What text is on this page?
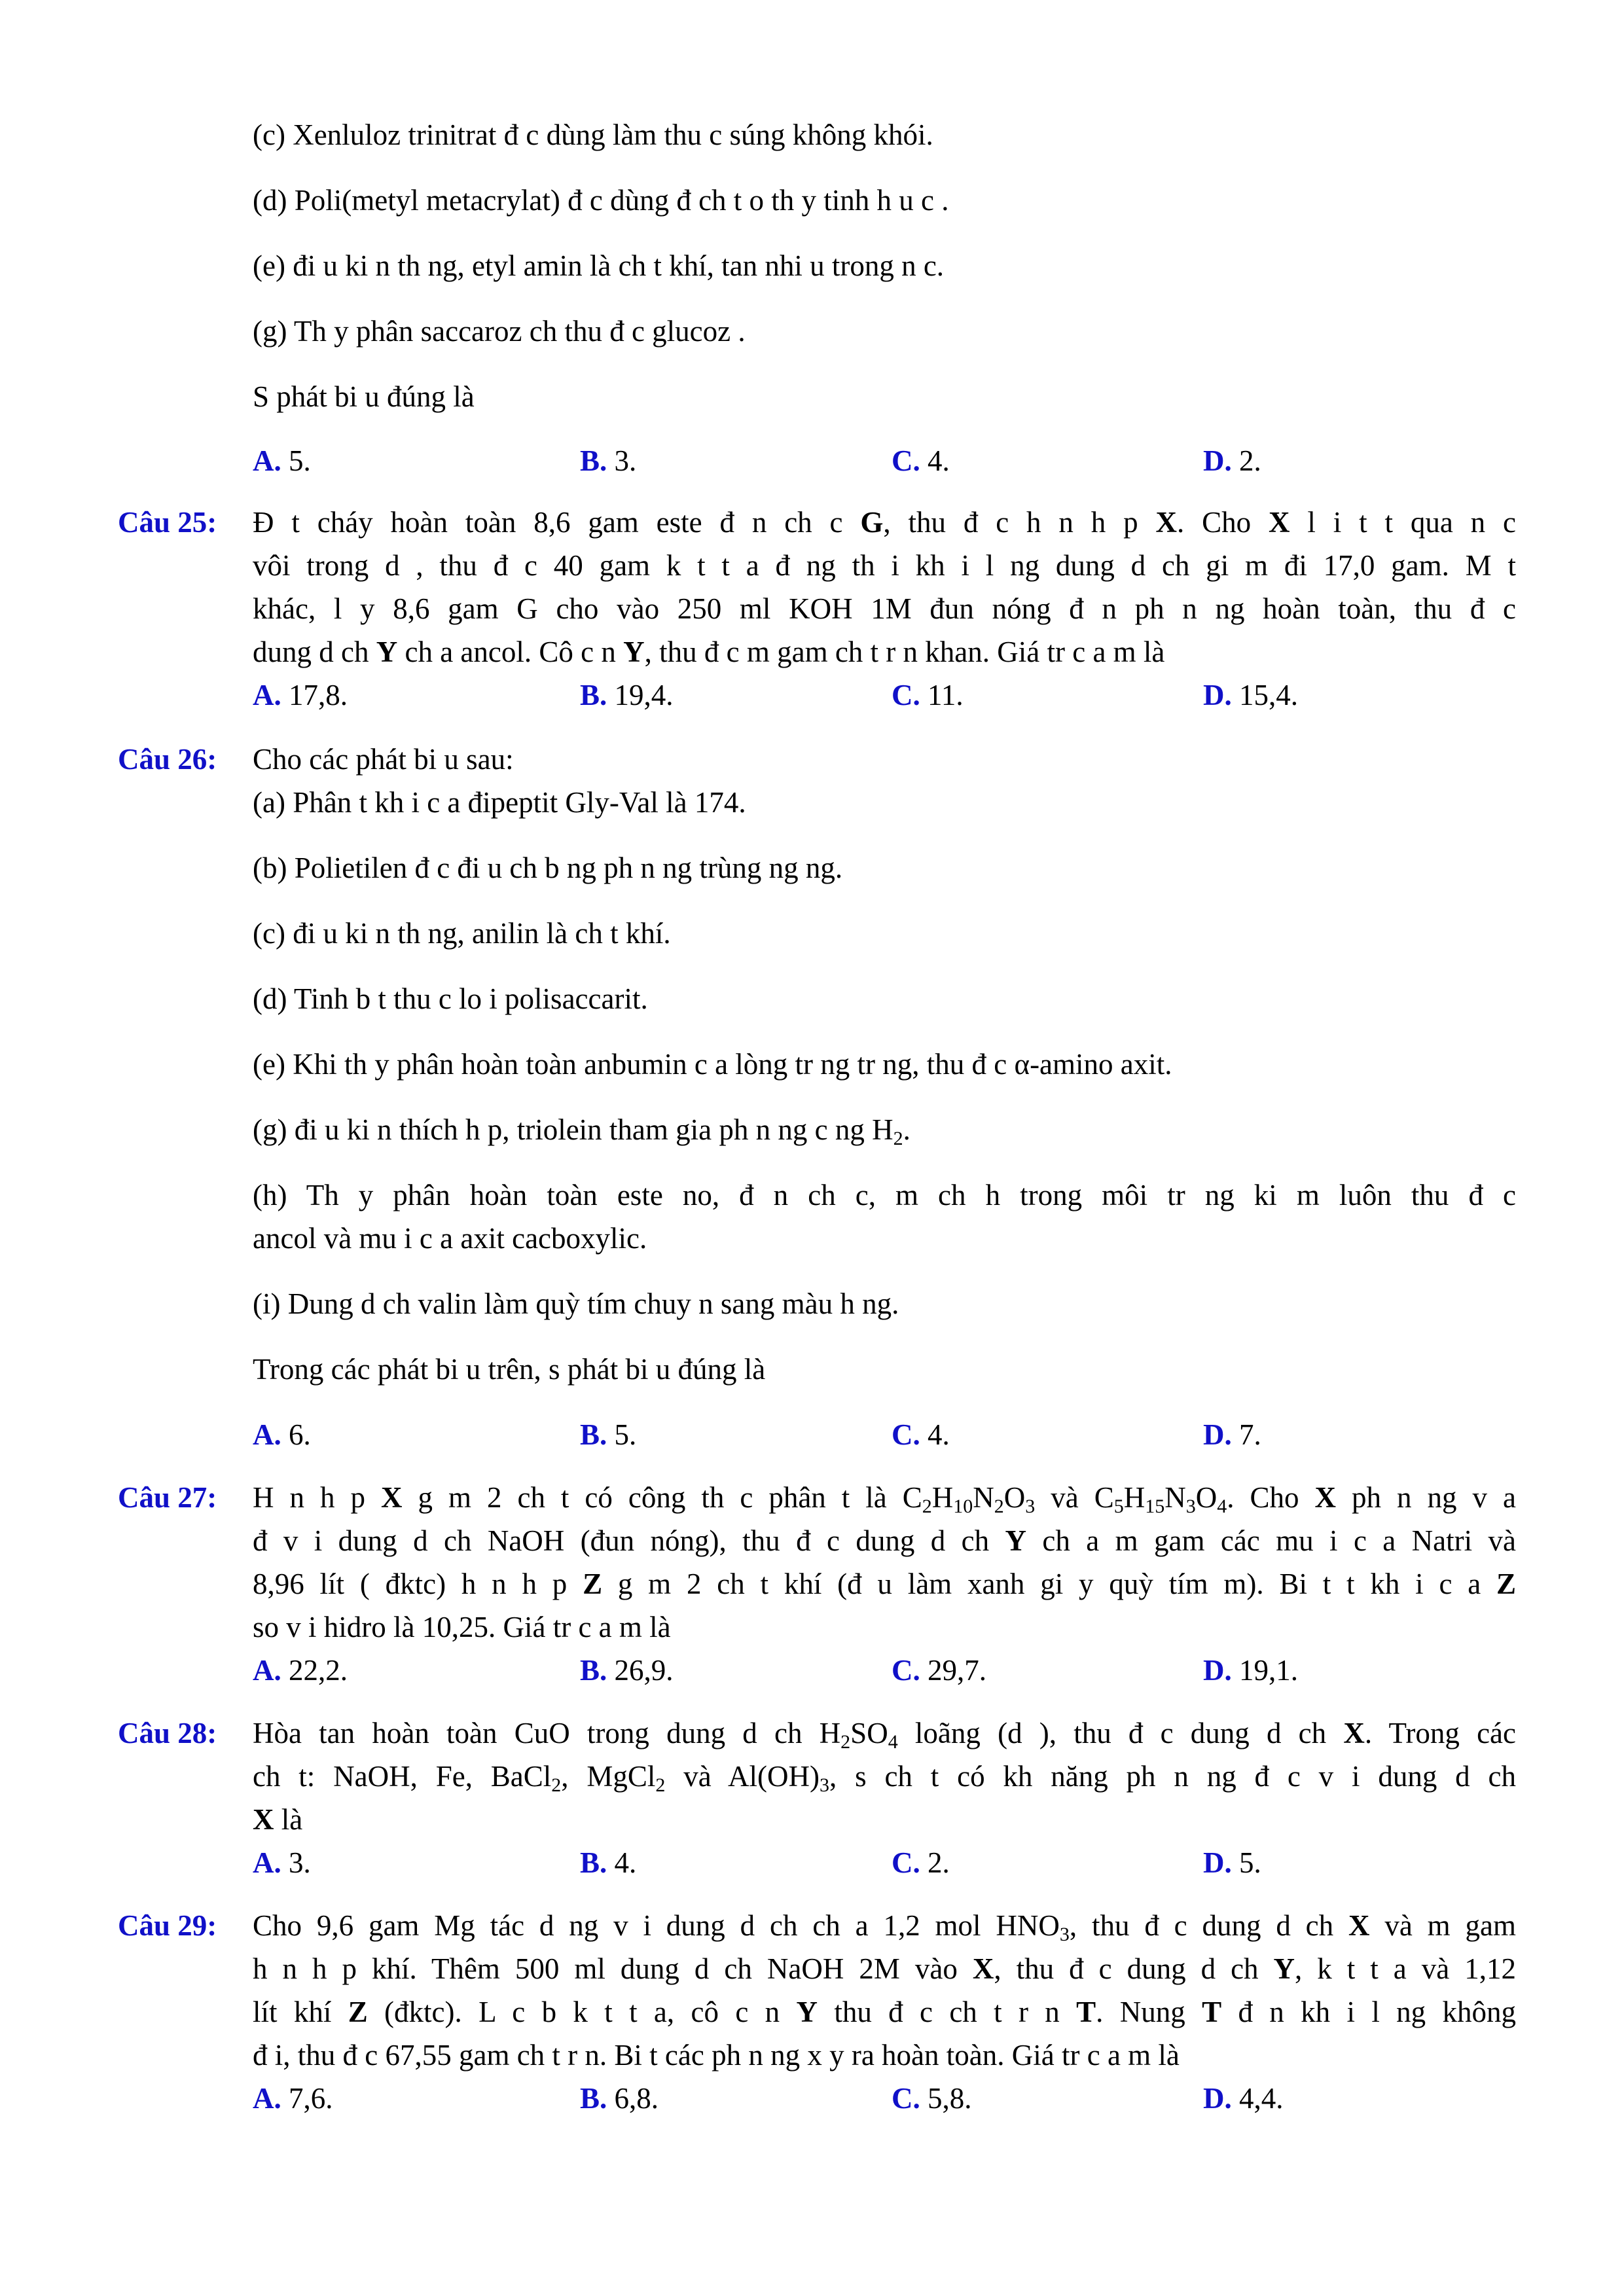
(c) Xenluloz trinitrat đ c dùng làm thu c súng không khói.
(d) Poli(metyl metacrylat) đ c dùng đ ch t o th y tinh h u c .
(e) đi u ki n th ng, etyl amin là ch t khí, tan nhi u trong n c.
(g) Th y phân saccaroz ch thu đ c glucoz .
S phát bi u đúng là
A. 5.	B. 3.	C. 4.	D. 2.
Câu 25: Đ t cháy hoàn toàn 8,6 gam este đ n ch c G, thu đ c h n h p X. Cho X l i t t qua n c
vôi trong d , thu đ c 40 gam k t t a đ ng th i kh i l ng dung d ch gi m đi 17,0 gam. M t
khác, l y 8,6 gam G cho vào 250 ml KOH 1M đun nóng đ n ph n ng hoàn toàn, thu đ c
dung d ch Y ch a ancol. Cô c n Y, thu đ c m gam ch t r n khan. Giá tr c a m là
A. 17,8.	B. 19,4.	C. 11.	D. 15,4.
Câu 26: Cho các phát bi u sau:
(a) Phân t kh i c a đipeptit Gly-Val là 174.
(b) Polietilen đ c đi u ch b ng ph n ng trùng ng ng.
(c) đi u ki n th ng, anilin là ch t khí.
(d) Tinh b t thu c lo i polisaccarit.
(e) Khi th y phân hoàn toàn anbumin c a lòng tr ng tr ng, thu đ c α-amino axit.
(g) đi u ki n thích h p, triolein tham gia ph n ng c ng $H_2$.
(h) Th y phân hoàn toàn este no, đ n ch c, m ch h trong môi tr ng ki m luôn thu đ c
ancol và mu i c a axit cacboxylic.
(i) Dung d ch valin làm quỳ tím chuy n sang màu h ng.
Trong các phát bi u trên, s phát bi u đúng là
A. 6.	B. 5.	C. 4.	D. 7.
Câu 27: H n h p X g m 2 ch t có công th c phân t là $C_2H_{10}N_2O_3$ và $C_5H_{15}N_3O_4$. Cho X ph n ng v a
đ v i dung d ch NaOH (đun nóng), thu đ c dung d ch Y ch a m gam các mu i c a Natri và
8,96 lít ( đktc) h n h p Z g m 2 ch t khí (đ u làm xanh gi y quỳ tím m). Bi t t kh i c a Z
so v i hidro là 10,25. Giá tr c a m là
A. 22,2.	B. 26,9.	C. 29,7.	D. 19,1.
Câu 28: Hòa tan hoàn toàn CuO trong dung d ch $H_2SO_4$ loãng (d ), thu đ c dung d ch X. Trong các
ch t: NaOH, Fe, BaCl$_2$, MgCl$_2$ và $Al(OH)_3$, s ch t có kh năng ph n ng đ c v i dung d ch
X là
A. 3.	B. 4.	C. 2.	D. 5.
Câu 29: Cho 9,6 gam Mg tác d ng v i dung d ch ch a 1,2 mol $HNO_3$, thu đ c dung d ch X và m gam
h n h p khí. Thêm 500 ml dung d ch NaOH 2M vào X, thu đ c dung d ch Y, k t t a và 1,12
lít khí Z (đktc). L c b k t t a, cô c n Y thu đ c ch t r n T. Nung T đ n kh i l ng không
đ i, thu đ c 67,55 gam ch t r n. Bi t các ph n ng x y ra hoàn toàn. Giá tr c a m là
A. 7,6.	B. 6,8.	C. 5,8.	D. 4,4.
